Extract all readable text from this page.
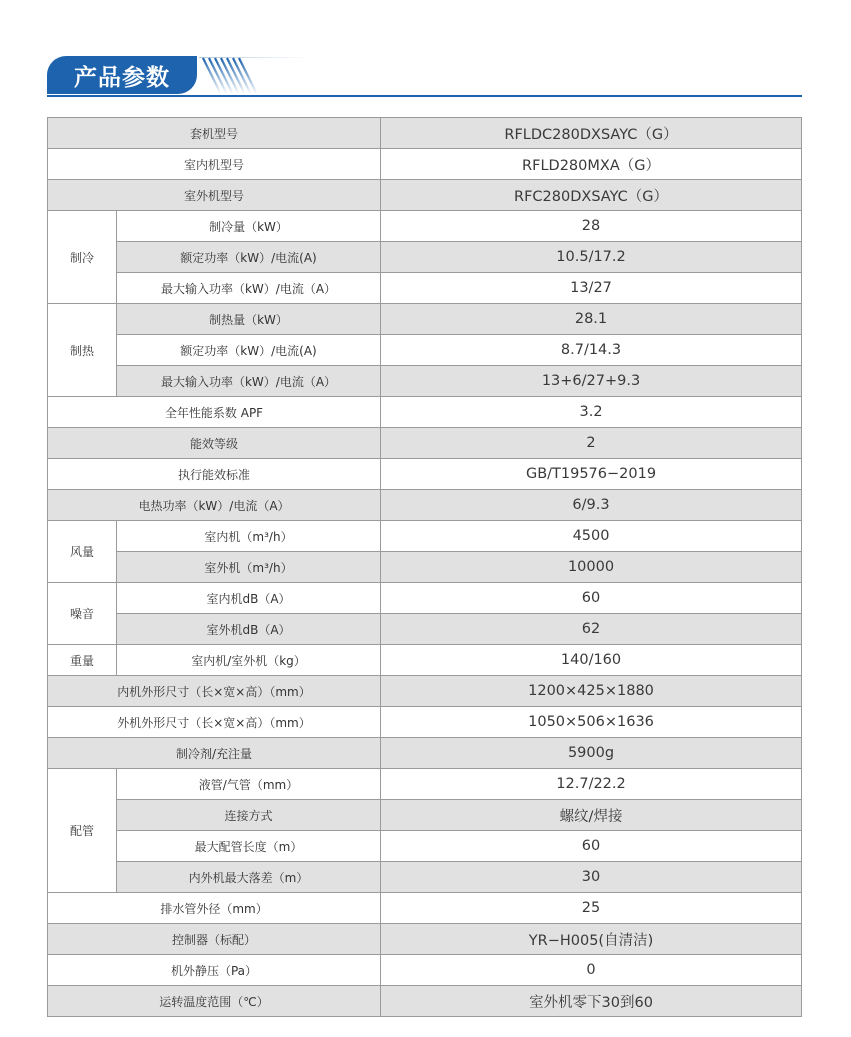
产品参数
套机型号		RFLDC280DXSAYC（G）
室内机型号		RFLD280MXA（G）
室外机型号		RFC280DXSAYC（G）
制冷	制冷量（kW）	28
	额定功率（kW）/电流(A)	10.5/17.2
	最大输入功率（kW）/电流（A）	13/27
制热	制热量（kW）	28.1
	额定功率（kW）/电流(A)	8.7/14.3
	最大输入功率（kW）/电流（A）	13+6/27+9.3
全年性能系数 APF		3.2
能效等级		2
执行能效标准		GB/T19576−2019
电热功率（kW）/电流（A）		6/9.3
风量	室内机（m³/h）	4500
	室外机（m³/h）	10000
噪音	室内机dB（A）	60
	室外机dB（A）	62
重量	室内机/室外机（kg）	140/160
内机外形尺寸（长×宽×高）（mm）		1200×425×1880
外机外形尺寸（长×宽×高）（mm）		1050×506×1636
制冷剂/充注量		5900g
配管	液管/气管（mm）	12.7/22.2
	连接方式	螺纹/焊接
	最大配管长度（m）	60
	内外机最大落差（m）	30
排水管外径（mm）		25
控制器（标配）		YR−H005(自清洁)
机外静压（Pa）		0
运转温度范围（℃）		室外机零下30到60
